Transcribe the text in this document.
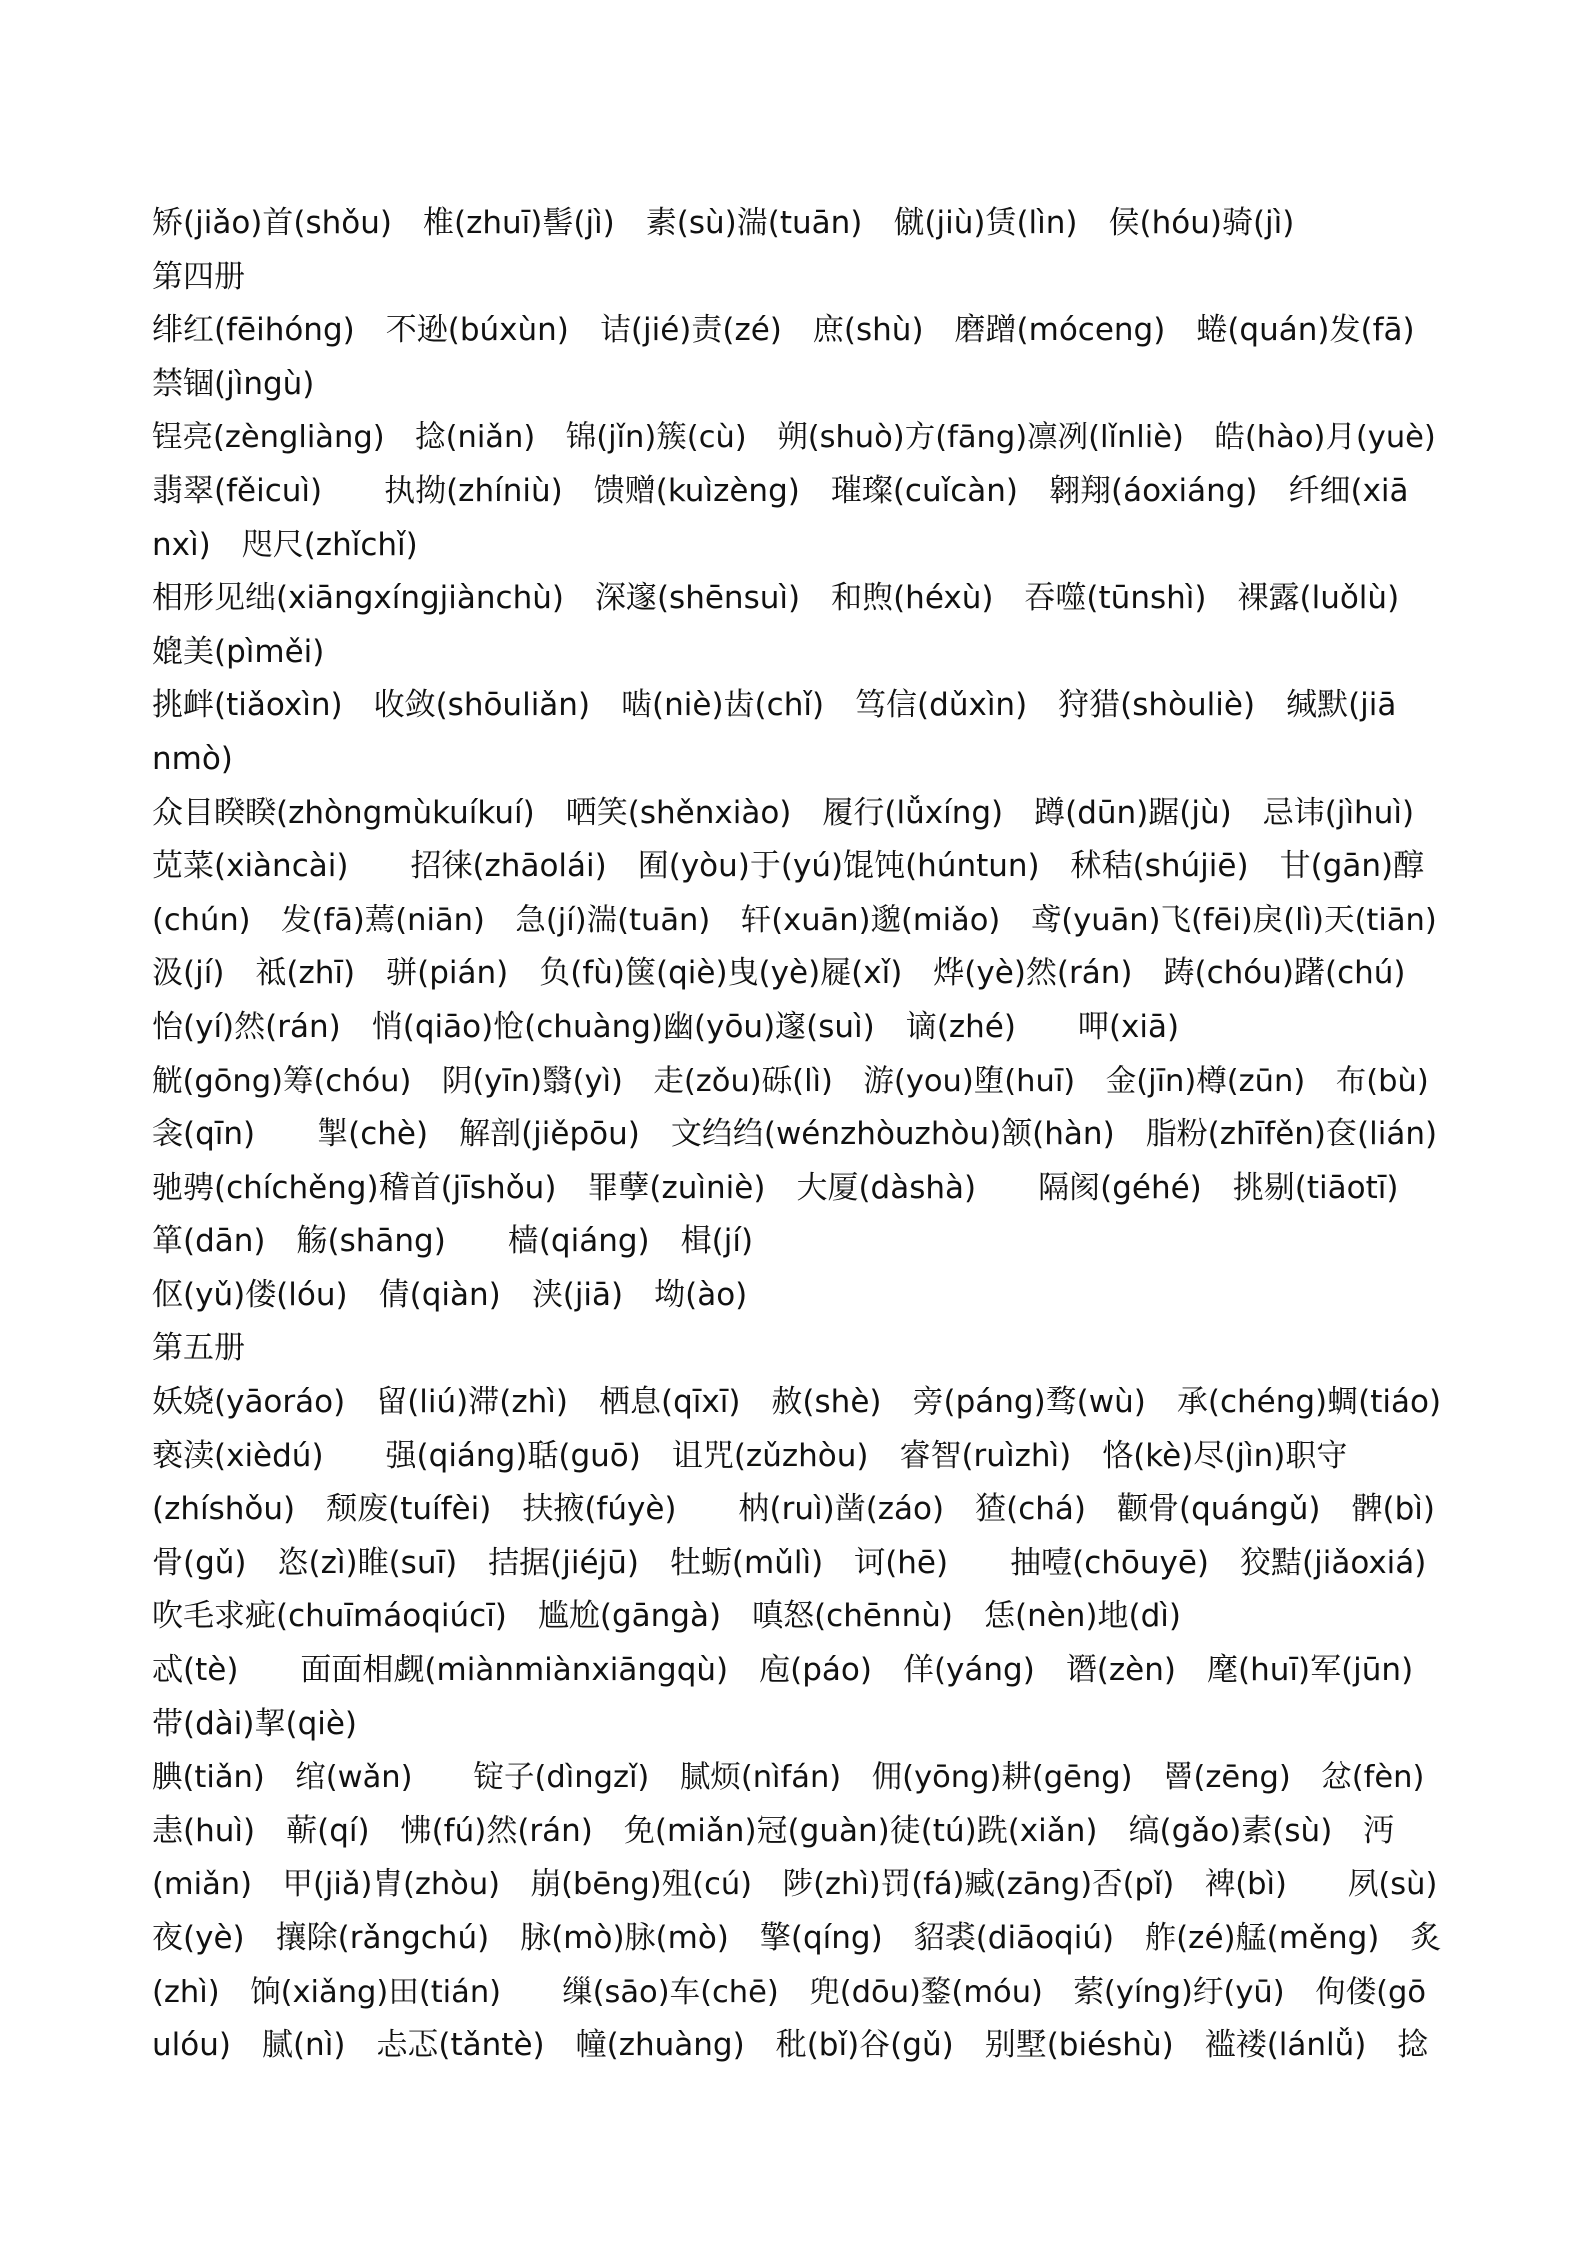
矫(jiǎo)首(shǒu)　椎(zhuī)髻(jì)　素(sù)湍(tuān)　僦(jiù)赁(lìn)　侯(hóu)骑(jì)
第四册
绯红(fēihóng)　不逊(búxùn)　诘(jié)责(zé)　庶(shù)　磨蹭(móceng)　蜷(quán)发(fā)
禁锢(jìngù)
锃亮(zèngliàng)　捻(niǎn)　锦(jǐn)簇(cù)　朔(shuò)方(fāng)凛冽(lǐnliè)　皓(hào)月(yuè)
翡翠(fěicuì)　　执拗(zhíniù)　馈赠(kuìzèng)　璀璨(cuǐcàn)　翱翔(áoxiáng)　纤细(xiā
nxì)　咫尺(zhǐchǐ)
相形见绌(xiāngxíngjiànchù)　深邃(shēnsuì)　和煦(héxù)　吞噬(tūnshì)　裸露(luǒlù)
媲美(pìměi)
挑衅(tiǎoxìn)　收敛(shōuliǎn)　啮(niè)齿(chǐ)　笃信(dǔxìn)　狩猎(shòuliè)　缄默(jiā
nmò)
众目睽睽(zhòngmùkuíkuí)　哂笑(shěnxiào)　履行(lǚxíng)　蹲(dūn)踞(jù)　忌讳(jìhuì)
苋菜(xiàncài)　　招徕(zhāolái)　囿(yòu)于(yú)馄饨(húntun)　秫秸(shújiē)　甘(gān)醇
(chún)　发(fā)蔫(niān)　急(jí)湍(tuān)　轩(xuān)邈(miǎo)　鸢(yuān)飞(fēi)戾(lì)天(tiān)
汲(jí)　祗(zhī)　骈(pián)　负(fù)箧(qiè)曳(yè)屣(xǐ)　烨(yè)然(rán)　踌(chóu)躇(chú)
怡(yí)然(rán)　悄(qiāo)怆(chuàng)幽(yōu)邃(suì)　谪(zhé)　　呷(xiā)
觥(gōng)筹(chóu)　阴(yīn)翳(yì)　走(zǒu)砾(lì)　游(you)堕(huī)　金(jīn)樽(zūn)　布(bù)
衾(qīn)　　掣(chè)　解剖(jiěpōu)　文绉绉(wénzhòuzhòu)颔(hàn)　脂粉(zhīfěn)奁(lián)
驰骋(chíchěng)稽首(jīshǒu)　罪孽(zuìniè)　大厦(dàshà)　　隔阂(géhé)　挑剔(tiāotī)
箪(dān)　觞(shāng)　　樯(qiáng)　楫(jí)
伛(yǔ)偻(lóu)　倩(qiàn)　浃(jiā)　坳(ào)
第五册
妖娆(yāoráo)　留(liú)滞(zhì)　栖息(qīxī)　赦(shè)　旁(páng)骛(wù)　承(chéng)蜩(tiáo)
亵渎(xièdú)　　强(qiáng)聒(guō)　诅咒(zǔzhòu)　睿智(ruìzhì)　恪(kè)尽(jìn)职守
(zhíshǒu)　颓废(tuífèi)　扶掖(fúyè)　　枘(ruì)凿(záo)　猹(chá)　颧骨(quángǔ)　髀(bì)
骨(gǔ)　恣(zì)睢(suī)　拮据(jiéjū)　牡蛎(mǔlì)　诃(hē)　　抽噎(chōuyē)　狡黠(jiǎoxiá)
吹毛求疵(chuīmáoqiúcī)　尴尬(gāngà)　嗔怒(chēnnù)　恁(nèn)地(dì)
忒(tè)　　面面相觑(miànmiànxiāngqù)　庖(páo)　佯(yáng)　谮(zèn)　麾(huī)军(jūn)
带(dài)挈(qiè)
腆(tiǎn)　绾(wǎn)　　锭子(dìngzǐ)　腻烦(nìfán)　佣(yōng)耕(gēng)　罾(zēng)　忿(fèn)
恚(huì)　蕲(qí)　怫(fú)然(rán)　免(miǎn)冠(guàn)徒(tú)跣(xiǎn)　缟(gǎo)素(sù)　沔
(miǎn)　甲(jiǎ)胄(zhòu)　崩(bēng)殂(cú)　陟(zhì)罚(fá)臧(zāng)否(pǐ)　裨(bì)　　夙(sù)
夜(yè)　攘除(rǎngchú)　脉(mò)脉(mò)　擎(qíng)　貂裘(diāoqiú)　舴(zé)艋(měng)　炙
(zhì)　饷(xiǎng)田(tián)　　缫(sāo)车(chē)　兜(dōu)鍪(móu)　萦(yíng)纡(yū)　佝偻(gō
ulóu)　腻(nì)　忐忑(tǎntè)　幢(zhuàng)　秕(bǐ)谷(gǔ)　别墅(biéshù)　褴褛(lánlǚ)　捻
